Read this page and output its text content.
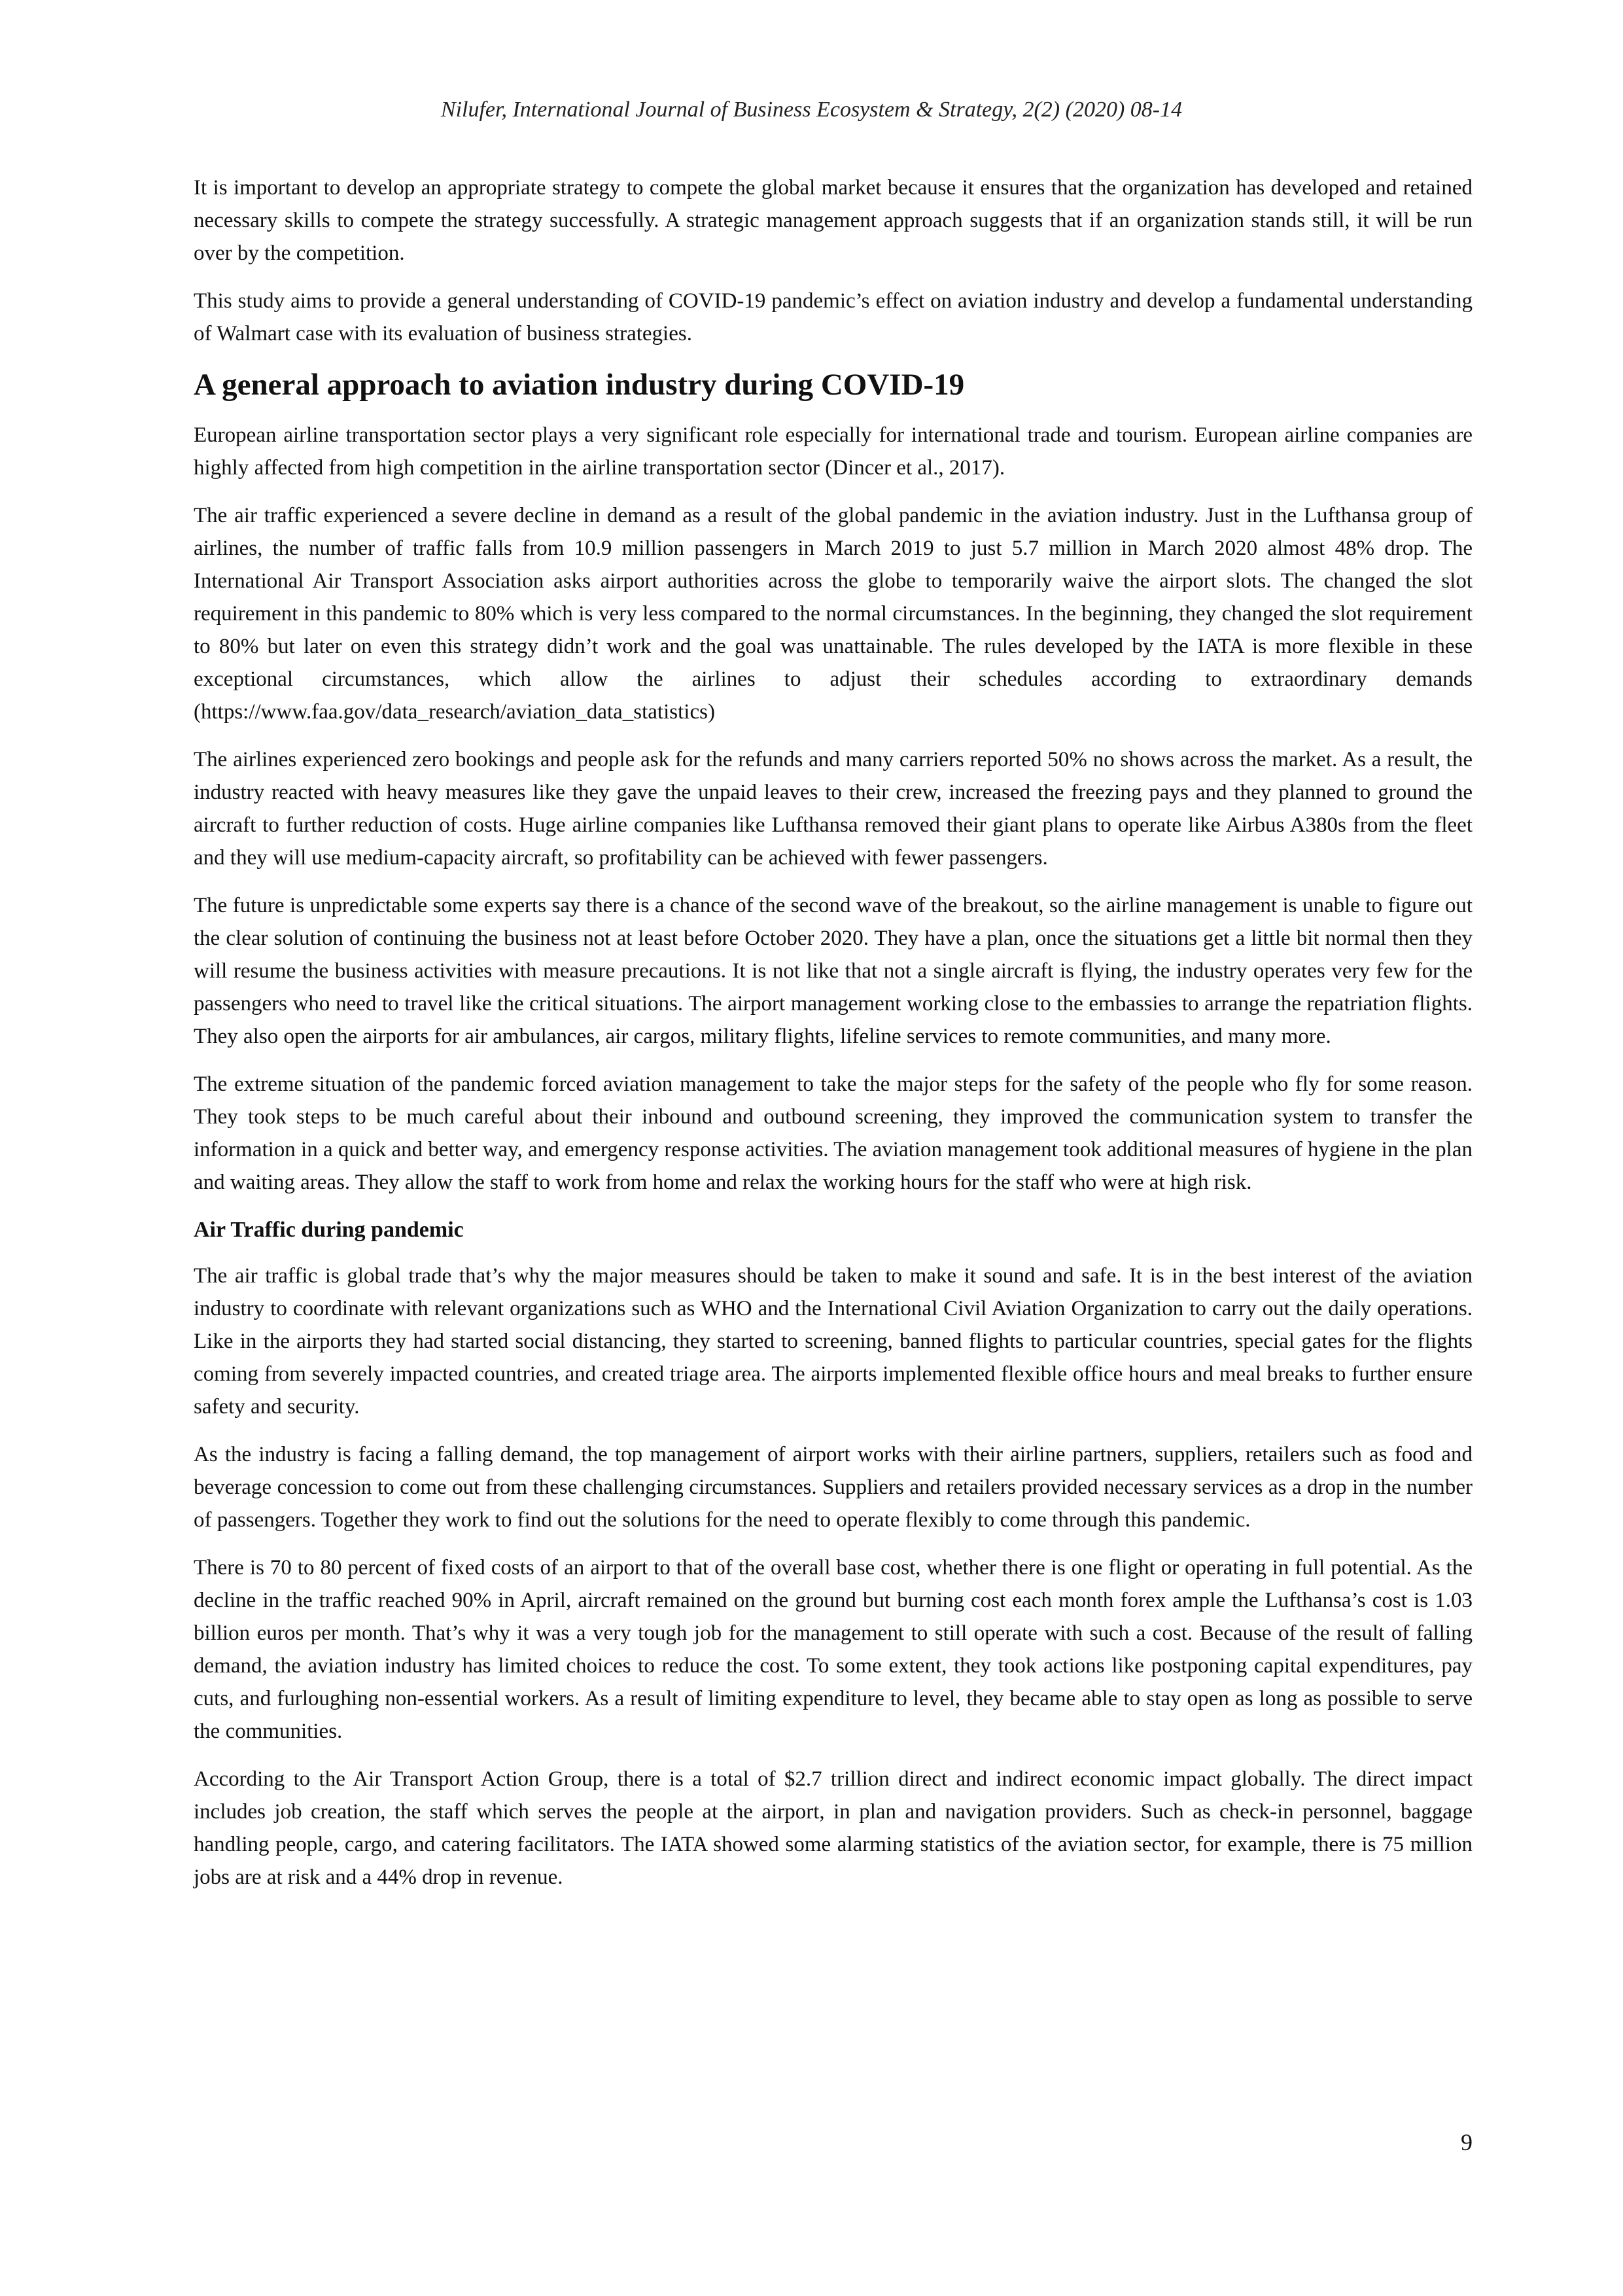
Nilufer, International Journal of Business Ecosystem & Strategy, 2(2) (2020) 08-14

It is important to develop an appropriate strategy to compete the global market because it ensures that the organization has developed and retained necessary skills to compete the strategy successfully. A strategic management approach suggests that if an organization stands still, it will be run over by the competition.

This study aims to provide a general understanding of COVID-19 pandemic’s effect on aviation industry and develop a fundamental understanding of Walmart case with its evaluation of business strategies.

A general approach to aviation industry during COVID-19

European airline transportation sector plays a very significant role especially for international trade and tourism. European airline companies are highly affected from high competition in the airline transportation sector (Dincer et al., 2017).

The air traffic experienced a severe decline in demand as a result of the global pandemic in the aviation industry. Just in the Lufthansa group of airlines, the number of traffic falls from 10.9 million passengers in March 2019 to just 5.7 million in March 2020 almost 48% drop. The International Air Transport Association asks airport authorities across the globe to temporarily waive the airport slots. The changed the slot requirement in this pandemic to 80% which is very less compared to the normal circumstances. In the beginning, they changed the slot requirement to 80% but later on even this strategy didn’t work and the goal was unattainable. The rules developed by the IATA is more flexible in these exceptional circumstances, which allow the airlines to adjust their schedules according to extraordinary demands (https://www.faa.gov/data_research/aviation_data_statistics)

The airlines experienced zero bookings and people ask for the refunds and many carriers reported 50% no shows across the market. As a result, the industry reacted with heavy measures like they gave the unpaid leaves to their crew, increased the freezing pays and they planned to ground the aircraft to further reduction of costs. Huge airline companies like Lufthansa removed their giant plans to operate like Airbus A380s from the fleet and they will use medium-capacity aircraft, so profitability can be achieved with fewer passengers.

The future is unpredictable some experts say there is a chance of the second wave of the breakout, so the airline management is unable to figure out the clear solution of continuing the business not at least before October 2020. They have a plan, once the situations get a little bit normal then they will resume the business activities with measure precautions. It is not like that not a single aircraft is flying, the industry operates very few for the passengers who need to travel like the critical situations. The airport management working close to the embassies to arrange the repatriation flights. They also open the airports for air ambulances, air cargos, military flights, lifeline services to remote communities, and many more.

The extreme situation of the pandemic forced aviation management to take the major steps for the safety of the people who fly for some reason. They took steps to be much careful about their inbound and outbound screening, they improved the communication system to transfer the information in a quick and better way, and emergency response activities. The aviation management took additional measures of hygiene in the plan and waiting areas. They allow the staff to work from home and relax the working hours for the staff who were at high risk.

Air Traffic during pandemic

The air traffic is global trade that’s why the major measures should be taken to make it sound and safe. It is in the best interest of the aviation industry to coordinate with relevant organizations such as WHO and the International Civil Aviation Organization to carry out the daily operations. Like in the airports they had started social distancing, they started to screening, banned flights to particular countries, special gates for the flights coming from severely impacted countries, and created triage area. The airports implemented flexible office hours and meal breaks to further ensure safety and security.

As the industry is facing a falling demand, the top management of airport works with their airline partners, suppliers, retailers such as food and beverage concession to come out from these challenging circumstances. Suppliers and retailers provided necessary services as a drop in the number of passengers. Together they work to find out the solutions for the need to operate flexibly to come through this pandemic.

There is 70 to 80 percent of fixed costs of an airport to that of the overall base cost, whether there is one flight or operating in full potential. As the decline in the traffic reached 90% in April, aircraft remained on the ground but burning cost each month forex ample the Lufthansa’s cost is 1.03 billion euros per month. That’s why it was a very tough job for the management to still operate with such a cost. Because of the result of falling demand, the aviation industry has limited choices to reduce the cost. To some extent, they took actions like postponing capital expenditures, pay cuts, and furloughing non-essential workers. As a result of limiting expenditure to level, they became able to stay open as long as possible to serve the communities.

According to the Air Transport Action Group, there is a total of $2.7 trillion direct and indirect economic impact globally. The direct impact includes job creation, the staff which serves the people at the airport, in plan and navigation providers. Such as check-in personnel, baggage handling people, cargo, and catering facilitators. The IATA showed some alarming statistics of the aviation sector, for example, there is 75 million jobs are at risk and a 44% drop in revenue.

9
